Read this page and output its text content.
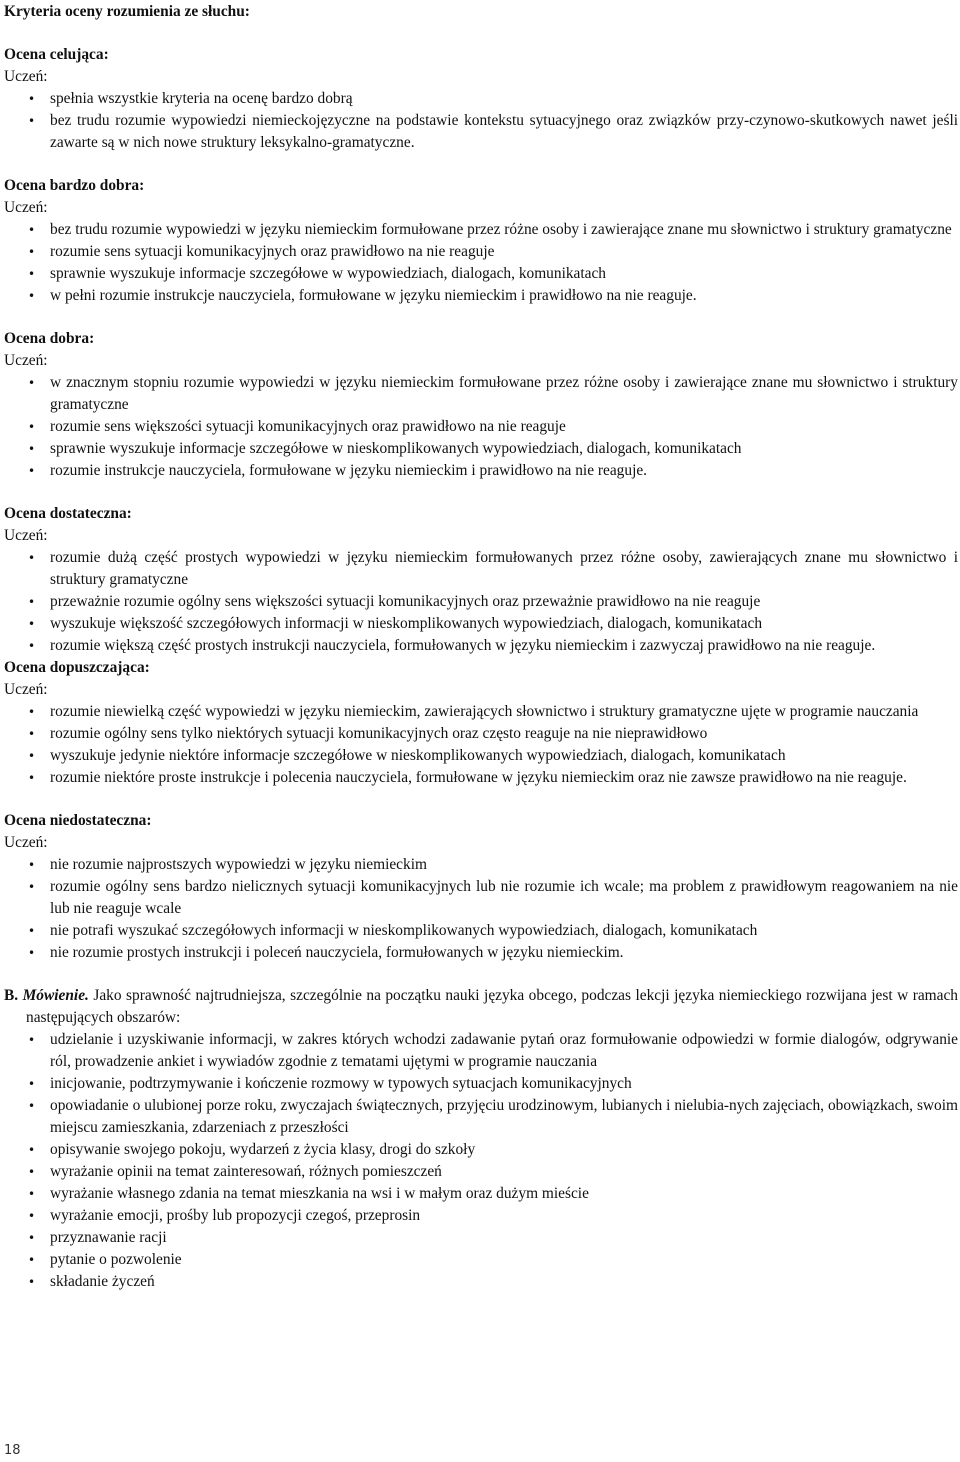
Kryteria oceny rozumienia ze słuchu:
Ocena celująca:
Uczeń:
• spełnia wszystkie kryteria na ocenę bardzo dobrą
• bez trudu rozumie wypowiedzi niemieckojęzyczne na podstawie kontekstu sytuacyjnego oraz związków przy-czynowo-skutkowych nawet jeśli zawarte są w nich nowe struktury leksykalno-gramatyczne.
Ocena bardzo dobra:
Uczeń:
• bez trudu rozumie wypowiedzi w języku niemieckim formułowane przez różne osoby i zawierające znane mu słownictwo i struktury gramatyczne
• rozumie sens sytuacji komunikacyjnych oraz prawidłowo na nie reaguje
• sprawnie wyszukuje informacje szczegółowe w wypowiedziach, dialogach, komunikatach
• w pełni rozumie instrukcje nauczyciela, formułowane w języku niemieckim i prawidłowo na nie reaguje.
Ocena dobra:
Uczeń:
• w znacznym stopniu rozumie wypowiedzi w języku niemieckim formułowane przez różne osoby i zawierające znane mu słownictwo i struktury gramatyczne
• rozumie sens większości sytuacji komunikacyjnych oraz prawidłowo na nie reaguje
• sprawnie wyszukuje informacje szczegółowe w nieskomplikowanych wypowiedziach, dialogach, komunikatach
• rozumie instrukcje nauczyciela, formułowane w języku niemieckim i prawidłowo na nie reaguje.
Ocena dostateczna:
Uczeń:
• rozumie dużą część prostych wypowiedzi w języku niemieckim formułowanych przez różne osoby, zawierających znane mu słownictwo i struktury gramatyczne
• przeważnie rozumie ogólny sens większości sytuacji komunikacyjnych oraz przeważnie prawidłowo na nie reaguje
• wyszukuje większość szczegółowych informacji w nieskomplikowanych wypowiedziach, dialogach, komunikatach
• rozumie większą część prostych instrukcji nauczyciela, formułowanych w języku niemieckim i zazwyczaj prawidłowo na nie reaguje.
Ocena dopuszczająca:
Uczeń:
• rozumie niewielką część wypowiedzi w języku niemieckim, zawierających słownictwo i struktury gramatyczne ujęte w programie nauczania
• rozumie ogólny sens tylko niektórych sytuacji komunikacyjnych oraz często reaguje na nie nieprawidłowo
• wyszukuje jedynie niektóre informacje szczegółowe w nieskomplikowanych wypowiedziach, dialogach, komunikatach
• rozumie niektóre proste instrukcje i polecenia nauczyciela, formułowane w języku niemieckim oraz nie zawsze prawidłowo na nie reaguje.
Ocena niedostateczna:
Uczeń:
• nie rozumie najprostszych wypowiedzi w języku niemieckim
• rozumie ogólny sens bardzo nielicznych sytuacji komunikacyjnych lub nie rozumie ich wcale; ma problem z prawidłowym reagowaniem na nie lub nie reaguje wcale
• nie potrafi wyszukać szczegółowych informacji w nieskomplikowanych wypowiedziach, dialogach, komunikatach
• nie rozumie prostych instrukcji i poleceń nauczyciela, formułowanych w języku niemieckim.
B. Mówienie. Jako sprawność najtrudniejsza, szczególnie na początku nauki języka obcego, podczas lekcji języka niemieckiego rozwijana jest w ramach następujących obszarów:
• udzielanie i uzyskiwanie informacji, w zakres których wchodzi zadawanie pytań oraz formułowanie odpowiedzi w formie dialogów, odgrywanie ról, prowadzenie ankiet i wywiadów zgodnie z tematami ujętymi w programie nauczania
• inicjowanie, podtrzymywanie i kończenie rozmowy w typowych sytuacjach komunikacyjnych
• opowiadanie o ulubionej porze roku, zwyczajach świątecznych, przyjęciu urodzinowym, lubianych i nielubia-nych zajęciach, obowiązkach, swoim miejscu zamieszkania, zdarzeniach z przeszłości
• opisywanie swojego pokoju, wydarzeń z życia klasy, drogi do szkoły
• wyrażanie opinii na temat zainteresowań, różnych pomieszczeń
• wyrażanie własnego zdania na temat mieszkania na wsi i w małym oraz dużym mieście
• wyrażanie emocji, prośby lub propozycji czegoś, przeprosin
• przyznawanie racji
• pytanie o pozwolenie
• składanie życzeń
18
